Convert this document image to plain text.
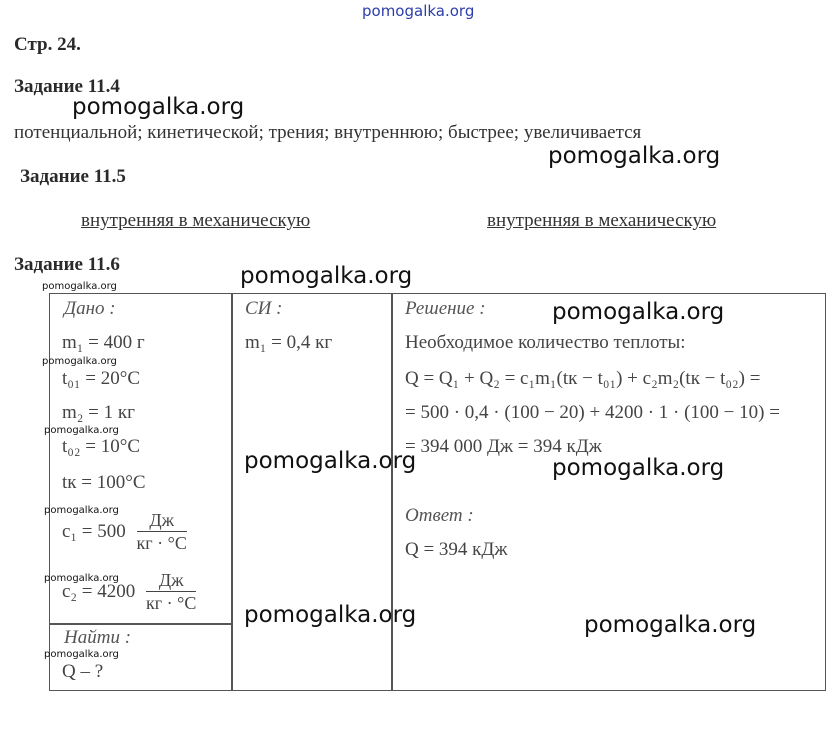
pomogalka.org
Стр. 24.
Задание 11.4
pomogalka.org
потенциальной; кинетической; трения; внутреннюю; быстрее; увеличивается
pomogalka.org
Задание 11.5
внутренняя в механическую	внутренняя в механическую
Задание 11.6	pomogalka.org
pomogalka.org
Дано :
m₁ = 400 г
pomogalka.org
t₀₁ = 20°C
m₂ = 1 кг
pomogalka.org
t₀₂ = 10°C
tк = 100°C
pomogalka.org
$c_1 = 500 \frac{Дж}{кг \cdot ^\circ C}$
pomogalka.org
$c_2 = 4200 \frac{Дж}{кг \cdot ^\circ C}$
Найти :
pomogalka.org
Q – ?
СИ :
m₁ = 0,4 кг
Решение :	pomogalka.org
Необходимое количество теплоты:
Q = Q₁ + Q₂ = c₁m₁(tк − t₀₁) + c₂m₂(tк − t₀₂) =
= 500 · 0,4 · (100 − 20) + 4200 · 1 · (100 − 10) =
= 394 000 Дж = 394 кДж
pomogalka.org
pomogalka.org
Ответ :
Q = 394 кДж
pomogalka.org	pomogalka.org
